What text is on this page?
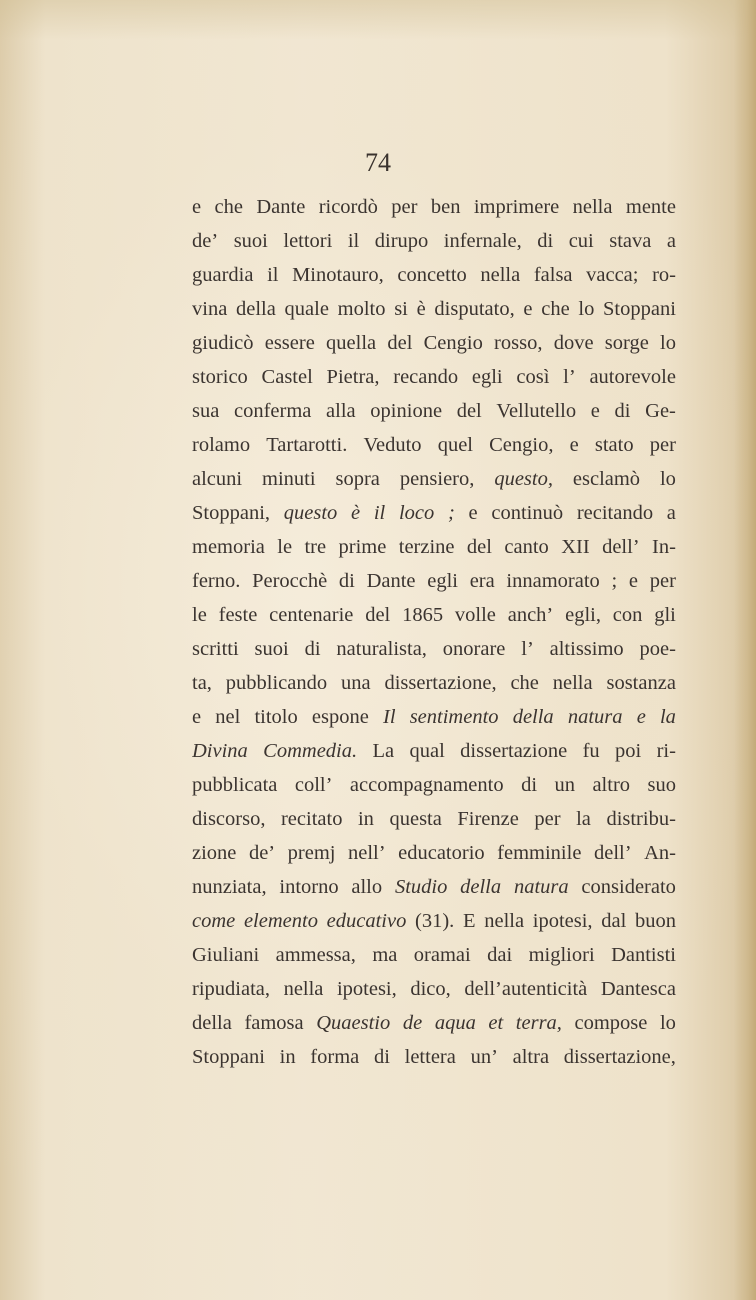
74
e che Dante ricordò per ben imprimere nella mente
de’ suoi lettori il dirupo infernale, di cui stava a
guardia il Minotauro, concetto nella falsa vacca; ro-
vina della quale molto si è disputato, e che lo Stoppani
giudicò essere quella del Cengio rosso, dove sorge lo
storico Castel Pietra, recando egli così l’ autorevole
sua conferma alla opinione del Vellutello e di Ge-
rolamo Tartarotti. Veduto quel Cengio, e stato per
alcuni minuti sopra pensiero, questo, esclamò lo
Stoppani, questo è il loco ; e continuò recitando a
memoria le tre prime terzine del canto XII dell’ In-
ferno. Perocchè di Dante egli era innamorato ; e per
le feste centenarie del 1865 volle anch’ egli, con gli
scritti suoi di naturalista, onorare l’ altissimo poe-
ta, pubblicando una dissertazione, che nella sostanza
e nel titolo espone Il sentimento della natura e la
Divina Commedia. La qual dissertazione fu poi ri-
pubblicata coll’ accompagnamento di un altro suo
discorso, recitato in questa Firenze per la distribu-
zione de’ premj nell’ educatorio femminile dell’ An-
nunziata, intorno allo Studio della natura considerato
come elemento educativo (31). E nella ipotesi, dal buon
Giuliani ammessa, ma oramai dai migliori Dantisti
ripudiata, nella ipotesi, dico, dell’autenticità Dantesca
della famosa Quaestio de aqua et terra, compose lo
Stoppani in forma di lettera un’ altra dissertazione,
